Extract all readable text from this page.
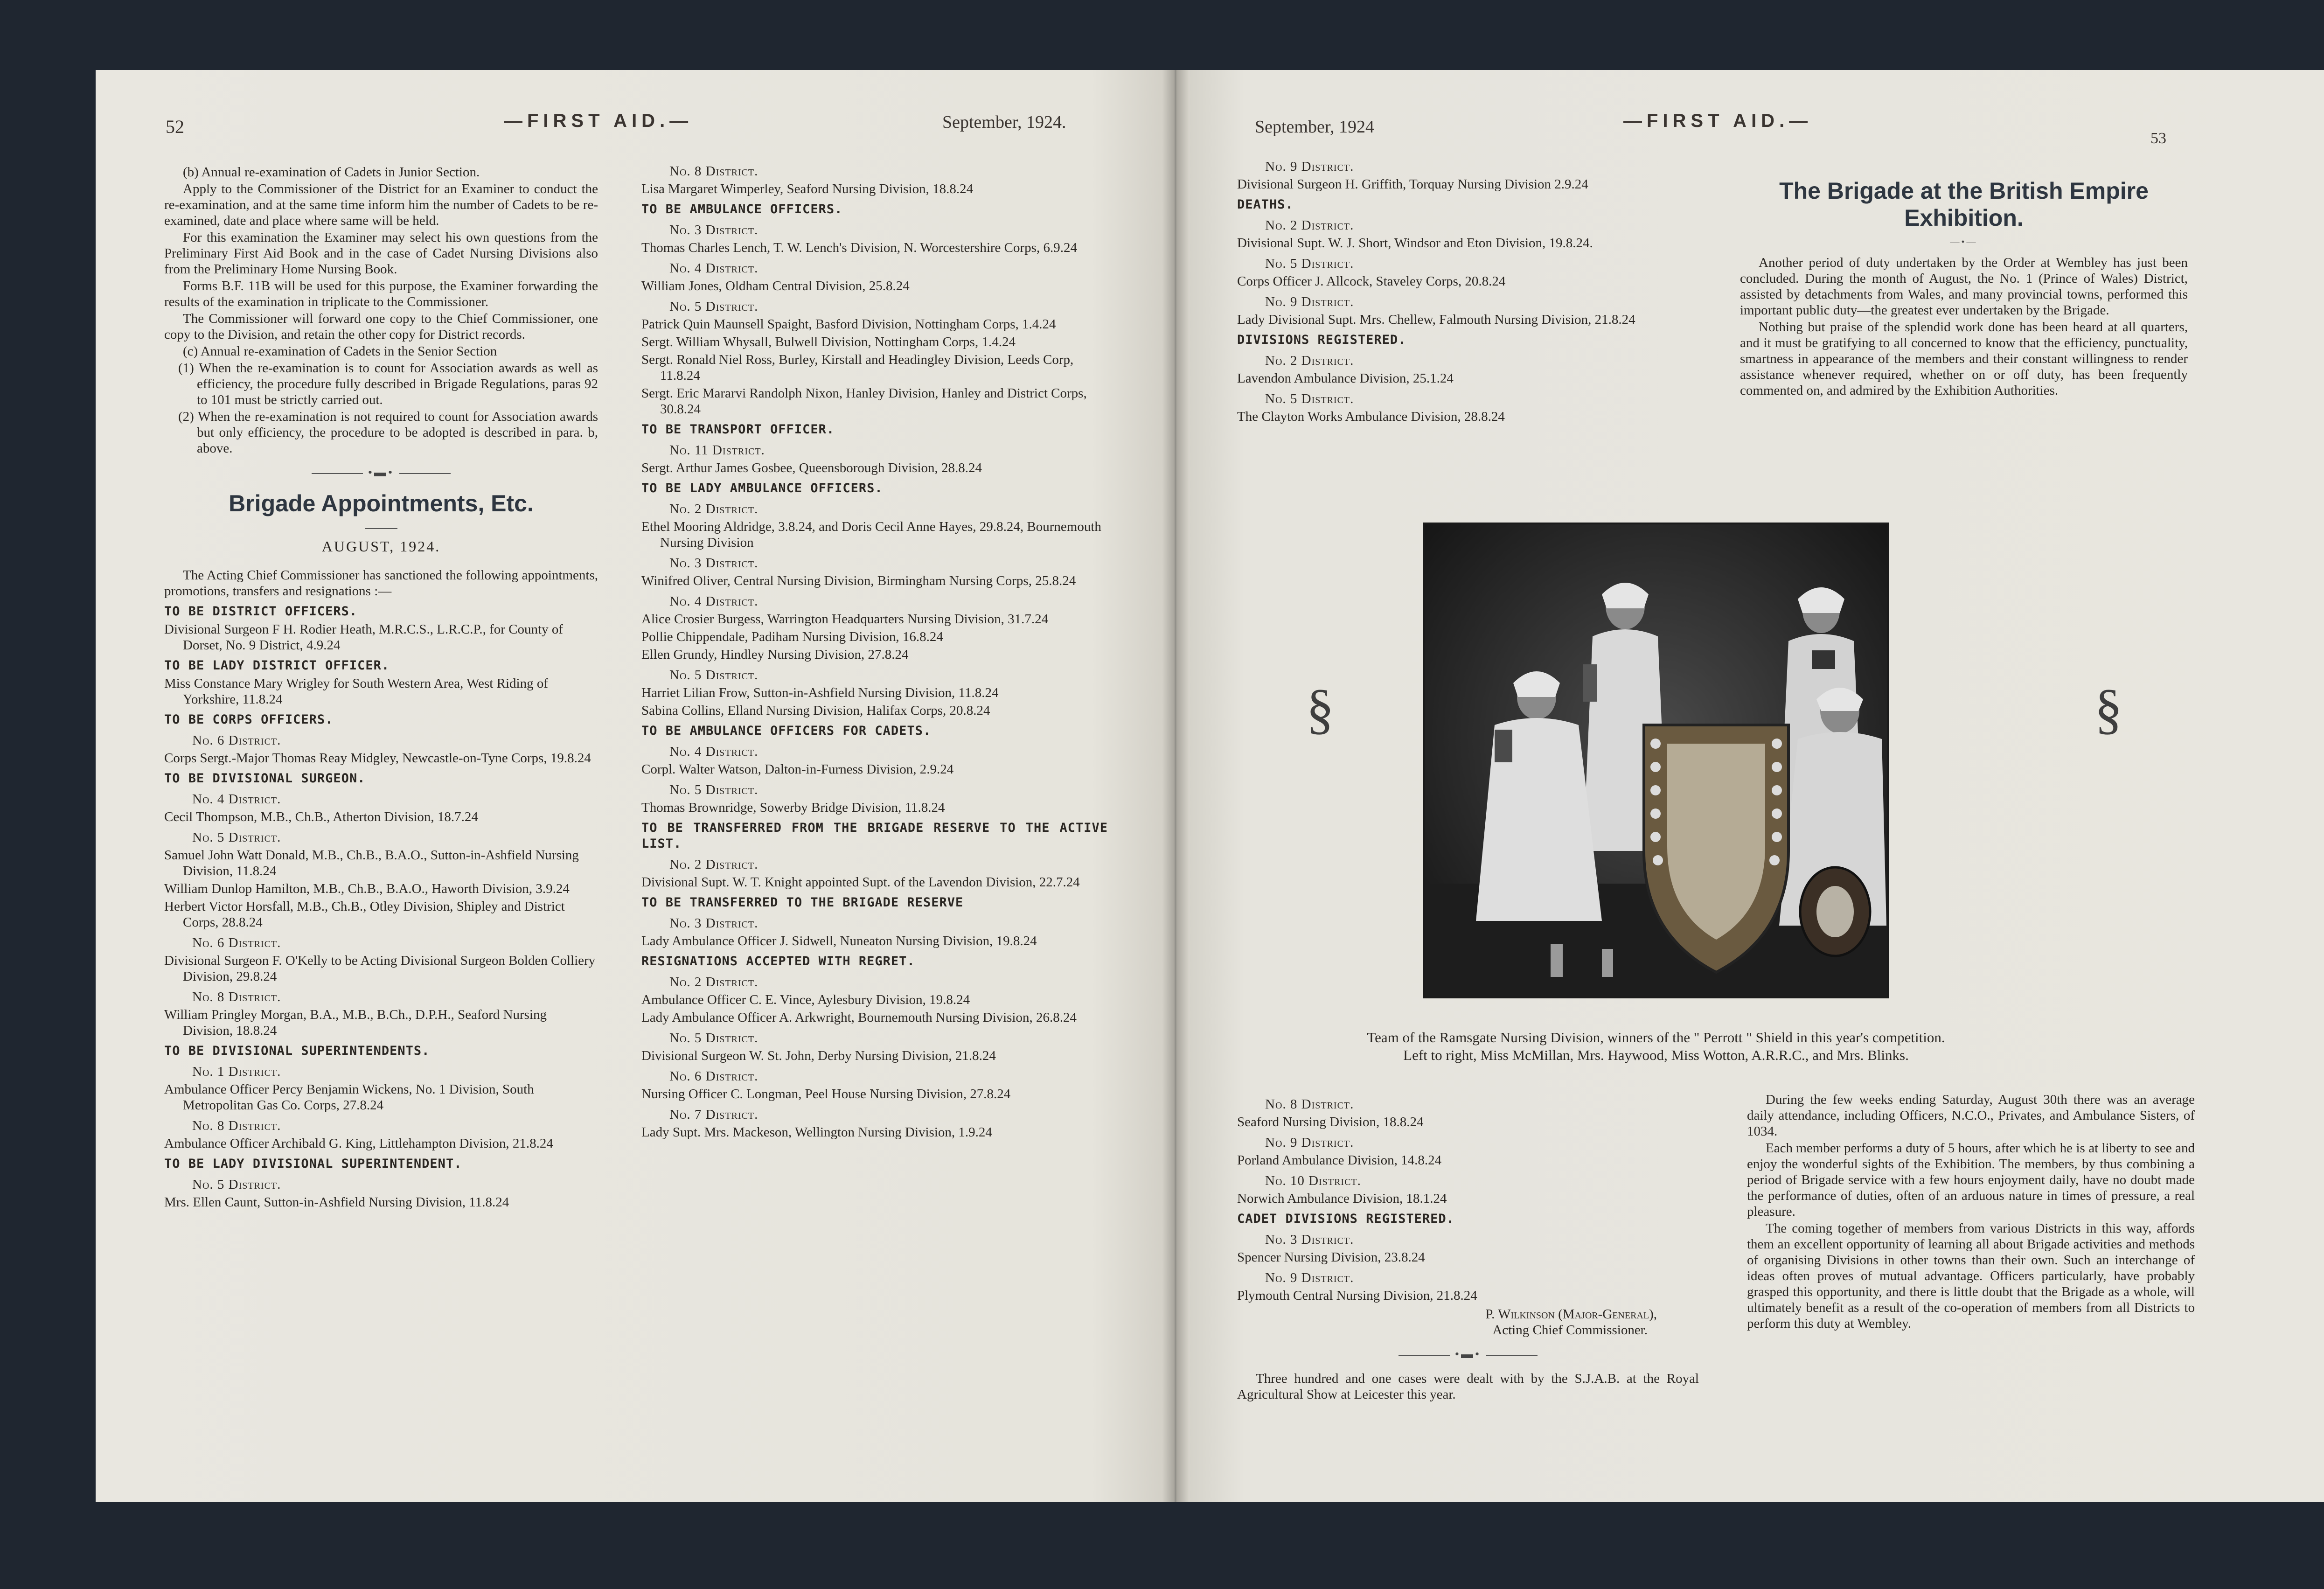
52	—FIRST AID.—	September, 1924.

(b) Annual re-examination of Cadets in Junior Section.

Apply to the Commissioner of the District for an Examiner to conduct the re-examination, and at the same time inform him the number of Cadets to be re-examined, date and place where same will be held.

For this examination the Examiner may select his own questions from the Preliminary First Aid Book and in the case of Cadet Nursing Divisions also from the Preliminary Home Nursing Book.

Forms B.F. 11B will be used for this purpose, the Examiner forwarding the results of the examination in triplicate to the Commissioner.

The Commissioner will forward one copy to the Chief Commissioner, one copy to the Division, and retain the other copy for District records.

(c) Annual re-examination of Cadets in the Senior Section

(1) When the re-examination is to count for Association awards as well as efficiency, the procedure fully described in Brigade Regulations, paras 92 to 101 must be strictly carried out.

(2) When the re-examination is not required to count for Association awards but only efficiency, the procedure to be adopted is described in para. b, above.

•▬•
Brigade Appointments, Etc.
AUGUST, 1924.

The Acting Chief Commissioner has sanctioned the following appointments, promotions, transfers and resignations :—

TO BE DISTRICT OFFICERS.

Divisional Surgeon F H. Rodier Heath, M.R.C.S., L.R.C.P., for County of Dorset, No. 9 District, 4.9.24

TO BE LADY DISTRICT OFFICER.

Miss Constance Mary Wrigley for South Western Area, West Riding of Yorkshire, 11.8.24

TO BE CORPS OFFICERS.

No. 6 District.

Corps Sergt.-Major Thomas Reay Midgley, Newcastle-on-Tyne Corps, 19.8.24

TO BE DIVISIONAL SURGEON.

No. 4 District.

Cecil Thompson, M.B., Ch.B., Atherton Division, 18.7.24

No. 5 District.

Samuel John Watt Donald, M.B., Ch.B., B.A.O., Sutton-in-Ashfield Nursing Division, 11.8.24

William Dunlop Hamilton, M.B., Ch.B., B.A.O., Haworth Division, 3.9.24

Herbert Victor Horsfall, M.B., Ch.B., Otley Division, Shipley and District Corps, 28.8.24

No. 6 District.

Divisional Surgeon F. O'Kelly to be Acting Divisional Surgeon Bolden Colliery Division, 29.8.24

No. 8 District.

William Pringley Morgan, B.A., M.B., B.Ch., D.P.H., Seaford Nursing Division, 18.8.24

TO BE DIVISIONAL SUPERINTENDENTS.

No. 1 District.

Ambulance Officer Percy Benjamin Wickens, No. 1 Division, South Metropolitan Gas Co. Corps, 27.8.24

No. 8 District.

Ambulance Officer Archibald G. King, Littlehampton Division, 21.8.24

TO BE LADY DIVISIONAL SUPERINTENDENT.

No. 5 District.

Mrs. Ellen Caunt, Sutton-in-Ashfield Nursing Division, 11.8.24

No. 8 District.

Lisa Margaret Wimperley, Seaford Nursing Division, 18.8.24

TO BE AMBULANCE OFFICERS.

No. 3 District.

Thomas Charles Lench, T. W. Lench's Division, N. Worcestershire Corps, 6.9.24

No. 4 District.

William Jones, Oldham Central Division, 25.8.24

No. 5 District.

Patrick Quin Maunsell Spaight, Basford Division, Nottingham Corps, 1.4.24

Sergt. William Whysall, Bulwell Division, Nottingham Corps, 1.4.24

Sergt. Ronald Niel Ross, Burley, Kirstall and Headingley Division, Leeds Corp, 11.8.24

Sergt. Eric Mararvi Randolph Nixon, Hanley Division, Hanley and District Corps, 30.8.24

TO BE TRANSPORT OFFICER.

No. 11 District.

Sergt. Arthur James Gosbee, Queensborough Division, 28.8.24

TO BE LADY AMBULANCE OFFICERS.

No. 2 District.

Ethel Mooring Aldridge, 3.8.24, and Doris Cecil Anne Hayes, 29.8.24, Bournemouth Nursing Division

No. 3 District.

Winifred Oliver, Central Nursing Division, Birmingham Nursing Corps, 25.8.24

No. 4 District.

Alice Crosier Burgess, Warrington Headquarters Nursing Division, 31.7.24

Pollie Chippendale, Padiham Nursing Division, 16.8.24

Ellen Grundy, Hindley Nursing Division, 27.8.24

No. 5 District.

Harriet Lilian Frow, Sutton-in-Ashfield Nursing Division, 11.8.24

Sabina Collins, Elland Nursing Division, Halifax Corps, 20.8.24

TO BE AMBULANCE OFFICERS FOR CADETS.

No. 4 District.

Corpl. Walter Watson, Dalton-in-Furness Division, 2.9.24

No. 5 District.

Thomas Brownridge, Sowerby Bridge Division, 11.8.24

TO BE TRANSFERRED FROM THE BRIGADE RESERVE TO THE ACTIVE LIST.

No. 2 District.

Divisional Supt. W. T. Knight appointed Supt. of the Lavendon Division, 22.7.24

TO BE TRANSFERRED TO THE BRIGADE RESERVE

No. 3 District.

Lady Ambulance Officer J. Sidwell, Nuneaton Nursing Division, 19.8.24

RESIGNATIONS ACCEPTED WITH REGRET.

No. 2 District.

Ambulance Officer C. E. Vince, Aylesbury Division, 19.8.24

Lady Ambulance Officer A. Arkwright, Bournemouth Nursing Division, 26.8.24

No. 5 District.

Divisional Surgeon W. St. John, Derby Nursing Division, 21.8.24

No. 6 District.

Nursing Officer C. Longman, Peel House Nursing Division, 27.8.24

No. 7 District.

Lady Supt. Mrs. Mackeson, Wellington Nursing Division, 1.9.24

September, 1924	—FIRST AID.—
53

No. 9 District.

Divisional Surgeon H. Griffith, Torquay Nursing Division 2.9.24

DEATHS.

No. 2 District.

Divisional Supt. W. J. Short, Windsor and Eton Division, 19.8.24.

No. 5 District.

Corps Officer J. Allcock, Staveley Corps, 20.8.24

No. 9 District.

Lady Divisional Supt. Mrs. Chellew, Falmouth Nursing Division, 21.8.24

DIVISIONS REGISTERED.

No. 2 District.

Lavendon Ambulance Division, 25.1.24

No. 5 District.

The Clayton Works Ambulance Division, 28.8.24

The Brigade at the British Empire Exhibition.
—•—

Another period of duty undertaken by the Order at Wembley has just been concluded. During the month of August, the No. 1 (Prince of Wales) District, assisted by detachments from Wales, and many provincial towns, performed this important public duty—the greatest ever undertaken by the Brigade.

Nothing but praise of the splendid work done has been heard at all quarters, and it must be gratifying to all concerned to know that the efficiency, punctuality, smartness in appearance of the members and their constant willingness to render assistance whenever required, whether on or off duty, has been frequently commented on, and admired by the Exhibition Authorities.

§	§
Team of the Ramsgate Nursing Division, winners of the " Perrott " Shield in this year's competition.
Left to right, Miss McMillan, Mrs. Haywood, Miss Wotton, A.R.R.C., and Mrs. Blinks.

No. 8 District.

Seaford Nursing Division, 18.8.24

No. 9 District.

Porland Ambulance Division, 14.8.24

No. 10 District.

Norwich Ambulance Division, 18.1.24

CADET DIVISIONS REGISTERED.

No. 3 District.

Spencer Nursing Division, 23.8.24

No. 9 District.

Plymouth Central Nursing Division, 21.8.24

P. Wilkinson (Major-General),
Acting Chief Commissioner.
•▬•

Three hundred and one cases were dealt with by the S.J.A.B. at the Royal Agricultural Show at Leicester this year.

During the few weeks ending Saturday, August 30th there was an average daily attendance, including Officers, N.C.O., Privates, and Ambulance Sisters, of 1034.

Each member performs a duty of 5 hours, after which he is at liberty to see and enjoy the wonderful sights of the Exhibition. The members, by thus combining a period of Brigade service with a few hours enjoyment daily, have no doubt made the performance of duties, often of an arduous nature in times of pressure, a real pleasure.

The coming together of members from various Districts in this way, affords them an excellent opportunity of learning all about Brigade activities and methods of organising Divisions in other towns than their own. Such an interchange of ideas often proves of mutual advantage. Officers particularly, have probably grasped this opportunity, and there is little doubt that the Brigade as a whole, will ultimately benefit as a result of the co-operation of members from all Districts to perform this duty at Wembley.
